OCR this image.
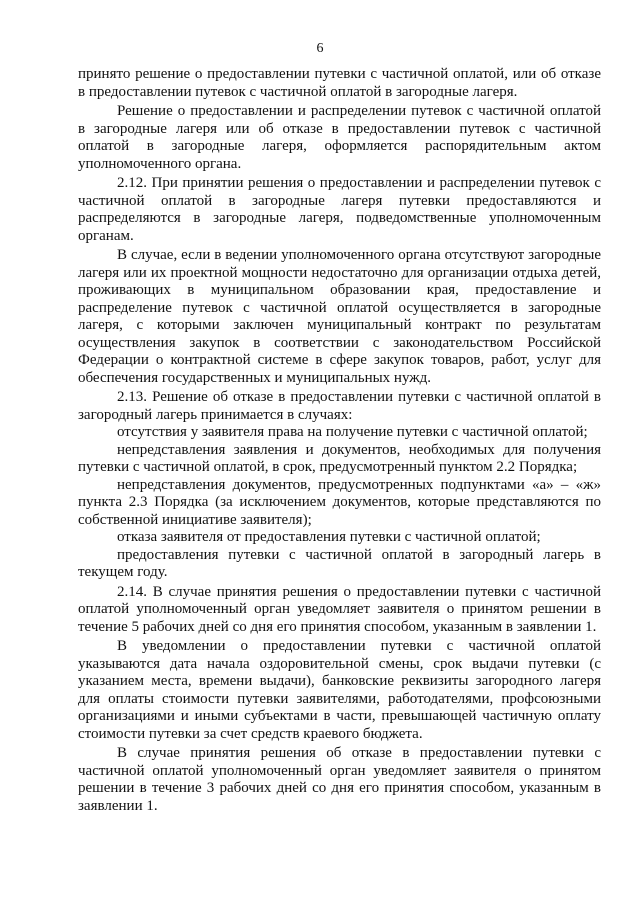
6

принято решение о предоставлении путевки с частичной оплатой, или об отказе в предоставлении путевок с частичной оплатой в загородные лагеря.

Решение о предоставлении и распределении путевок с частичной оплатой в загородные лагеря или об отказе в предоставлении путевок с частичной оплатой в загородные лагеря, оформляется распорядительным актом уполномоченного органа.

2.12. При принятии решения о предоставлении и распределении путевок с частичной оплатой в загородные лагеря путевки предоставляются и распределяются в загородные лагеря, подведомственные уполномоченным органам.

В случае, если в ведении уполномоченного органа отсутствуют загородные лагеря или их проектной мощности недостаточно для организации отдыха детей, проживающих в муниципальном образовании края, предоставление и распределение путевок с частичной оплатой осуществляется в загородные лагеря, с которыми заключен муниципальный контракт по результатам осуществления закупок в соответствии с законодательством Российской Федерации о контрактной системе в сфере закупок товаров, работ, услуг для обеспечения государственных и муниципальных нужд.

2.13. Решение об отказе в предоставлении путевки с частичной оплатой в загородный лагерь принимается в случаях:

отсутствия у заявителя права на получение путевки с частичной оплатой;

непредставления заявления и документов, необходимых для получения путевки с частичной оплатой, в срок, предусмотренный пунктом 2.2 Порядка;

непредставления документов, предусмотренных подпунктами «а» – «ж» пункта 2.3 Порядка (за исключением документов, которые представляются по собственной инициативе заявителя);

отказа заявителя от предоставления путевки с частичной оплатой;

предоставления путевки с частичной оплатой в загородный лагерь в текущем году.

2.14. В случае принятия решения о предоставлении путевки с частичной оплатой уполномоченный орган уведомляет заявителя о принятом решении в течение 5 рабочих дней со дня его принятия способом, указанным в заявлении 1.

В уведомлении о предоставлении путевки с частичной оплатой указываются дата начала оздоровительной смены, срок выдачи путевки (с указанием места, времени выдачи), банковские реквизиты загородного лагеря для оплаты стоимости путевки заявителями, работодателями, профсоюзными организациями и иными субъектами в части, превышающей частичную оплату стоимости путевки за счет средств краевого бюджета.

В случае принятия решения об отказе в предоставлении путевки с частичной оплатой уполномоченный орган уведомляет заявителя о принятом решении в течение 3 рабочих дней со дня его принятия способом, указанным в заявлении 1.
